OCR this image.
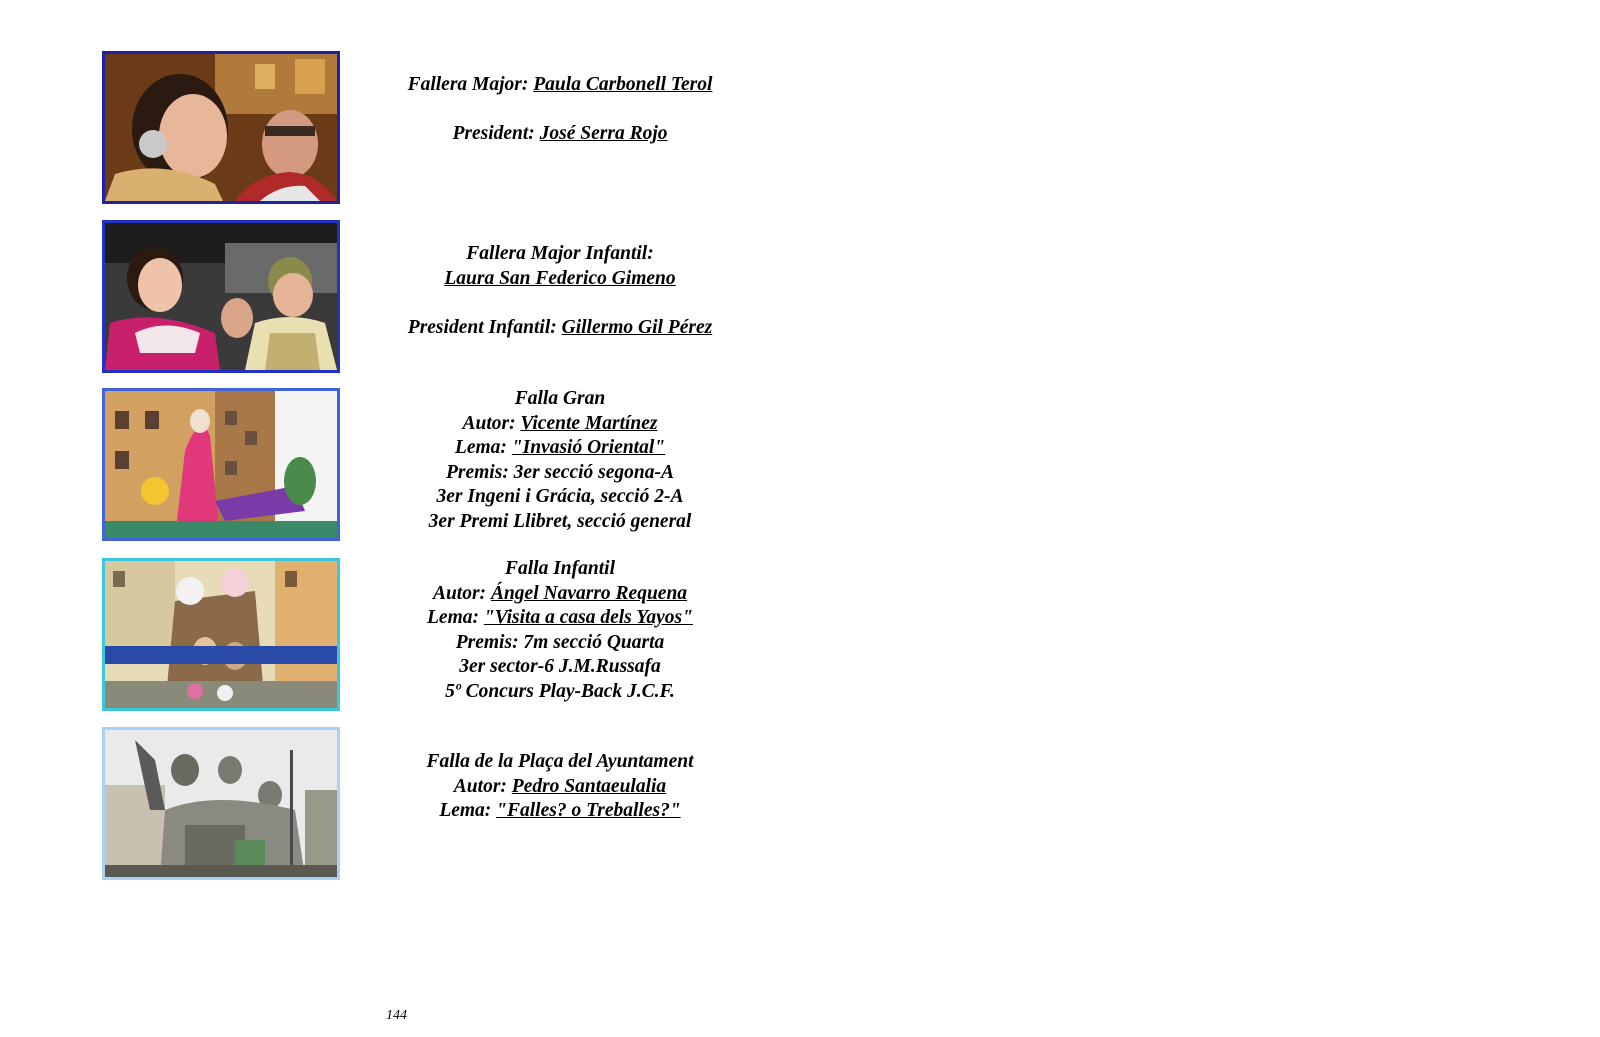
Fallera Major: Paula Carbonell Terol
President: José Serra Rojo
Fallera Major Infantil:
Laura San Federico Gimeno
President Infantil: Gillermo Gil Pérez
Falla Gran
Autor: Vicente Martínez
Lema: "Invasió Oriental"
Premis: 3er secció segona-A
3er Ingeni i Grácia, secció 2-A
3er Premi Llibret, secció general
Falla Infantil
Autor: Ángel Navarro Requena
Lema: "Visita a casa dels Yayos"
Premis: 7m secció Quarta
3er sector-6 J.M.Russafa
5º Concurs Play-Back J.C.F.
Falla de la Plaça del Ayuntament
Autor: Pedro Santaeulalia
Lema: "Falles? o Treballes?"
144
